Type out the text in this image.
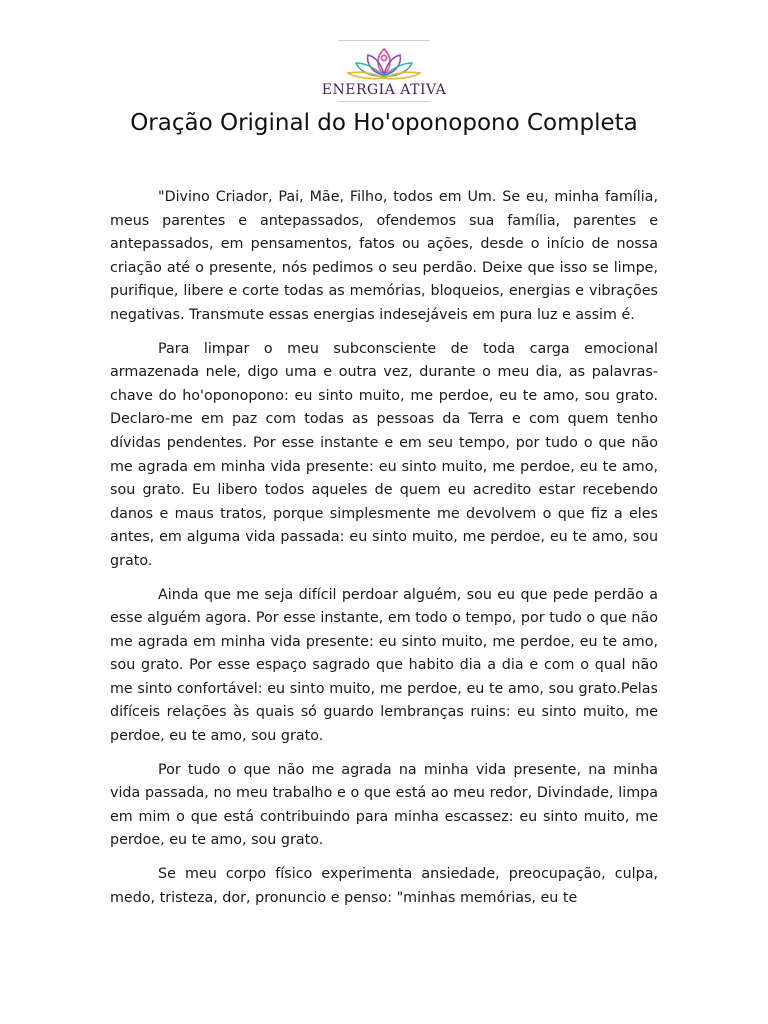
ENERGIA ATIVA
Oração Original do Ho'oponopono Completa

"Divino Criador, Pai, Mãe, Filho, todos em Um. Se eu, minha família, meus parentes e antepassados, ofendemos sua família, parentes e antepassados, em pensamentos, fatos ou ações, desde o início de nossa criação até o presente, nós pedimos o seu perdão. Deixe que isso se limpe, purifique, libere e corte todas as memórias, bloqueios, energias e vibrações negativas. Transmute essas energias indesejáveis em pura luz e assim é.

Para limpar o meu subconsciente de toda carga emocional armazenada nele, digo uma e outra vez, durante o meu dia, as palavras-chave do ho'oponopono: eu sinto muito, me perdoe, eu te amo, sou grato. Declaro-me em paz com todas as pessoas da Terra e com quem tenho dívidas pendentes. Por esse instante e em seu tempo, por tudo o que não me agrada em minha vida presente: eu sinto muito, me perdoe, eu te amo, sou grato. Eu libero todos aqueles de quem eu acredito estar recebendo danos e maus tratos, porque simplesmente me devolvem o que fiz a eles antes, em alguma vida passada: eu sinto muito, me perdoe, eu te amo, sou grato.

Ainda que me seja difícil perdoar alguém, sou eu que pede perdão a esse alguém agora. Por esse instante, em todo o tempo, por tudo o que não me agrada em minha vida presente: eu sinto muito, me perdoe, eu te amo, sou grato. Por esse espaço sagrado que habito dia a dia e com o qual não me sinto confortável: eu sinto muito, me perdoe, eu te amo, sou grato.Pelas difíceis relações às quais só guardo lembranças ruins: eu sinto muito, me perdoe, eu te amo, sou grato.

Por tudo o que não me agrada na minha vida presente, na minha vida passada, no meu trabalho e o que está ao meu redor, Divindade, limpa em mim o que está contribuindo para minha escassez: eu sinto muito, me perdoe, eu te amo, sou grato.

Se meu corpo físico experimenta ansiedade, preocupação, culpa, medo, tristeza, dor, pronuncio e penso: "minhas memórias, eu te
